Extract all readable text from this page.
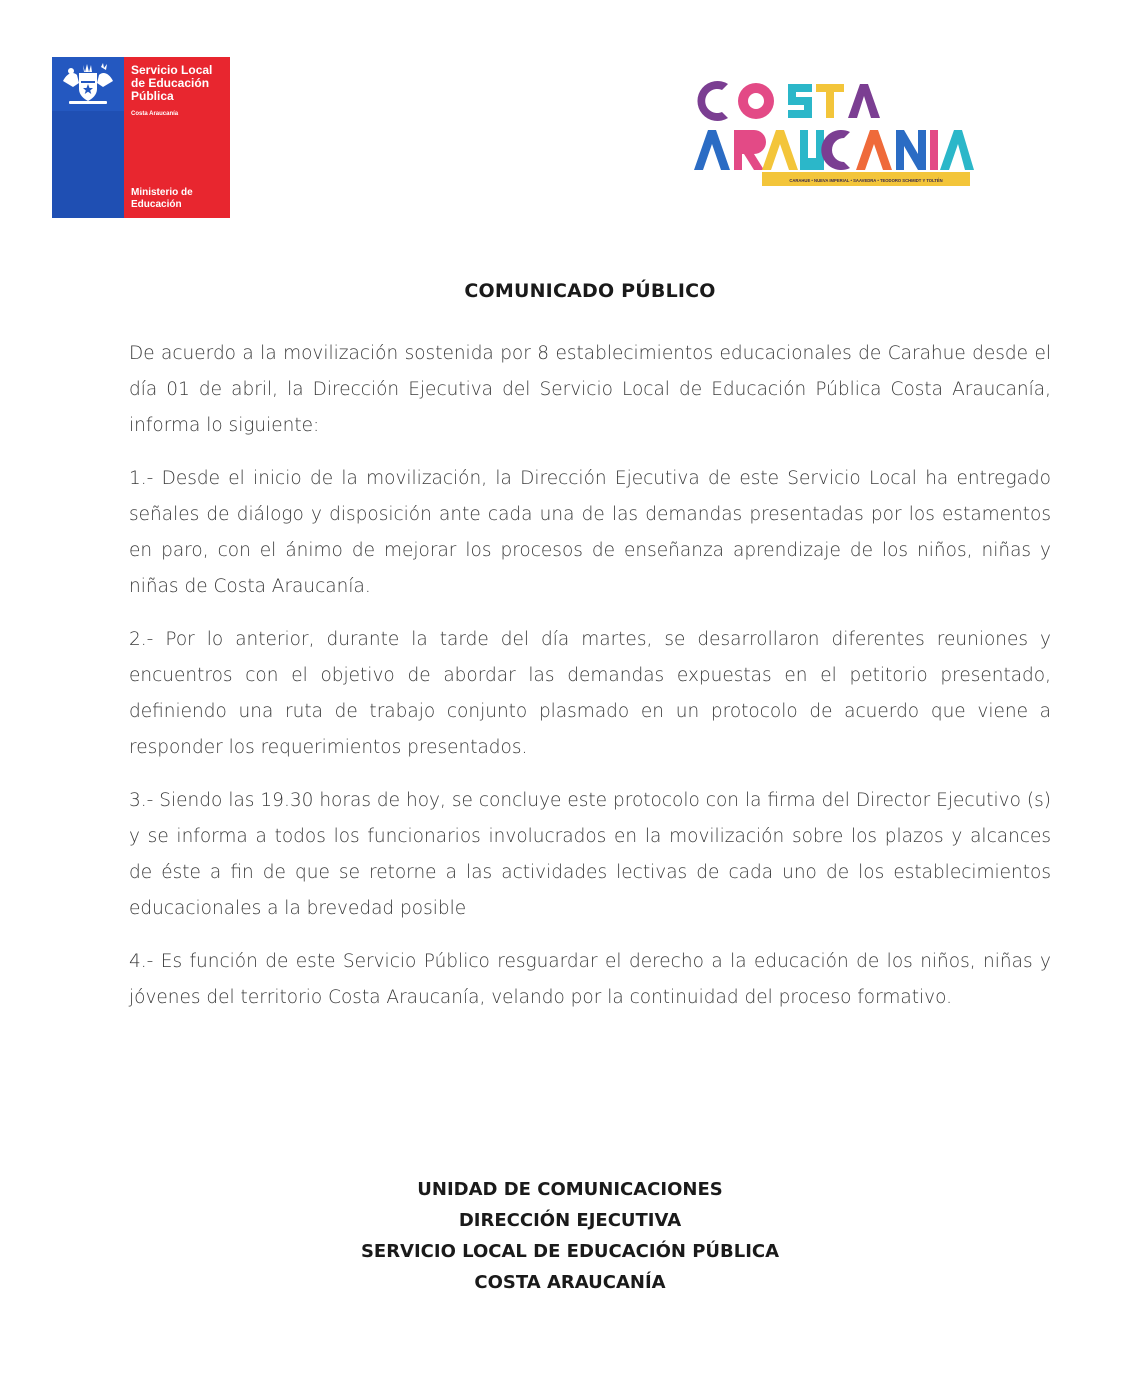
Servicio Local
de Educación
Pública
Costa Araucanía
Ministerio de
Educación
CARAHUE • NUEVA IMPERIAL • SAAVEDRA • TEODORO SCHMIDT Y TOLTÉN
COMUNICADO PÚBLICO

De acuerdo a la movilización sostenida por 8 establecimientos educacionales de Carahue desde el día 01 de abril, la Dirección Ejecutiva del Servicio Local de Educación Pública Costa Araucanía, informa lo siguiente:

1.- Desde el inicio de la movilización, la Dirección Ejecutiva de este Servicio Local ha entregado señales de diálogo y disposición ante cada una de las demandas presentadas por los estamentos en paro, con el ánimo de mejorar los procesos de enseñanza aprendizaje de los niños, niñas y niñas de Costa Araucanía.

2.- Por lo anterior, durante la tarde del día martes, se desarrollaron diferentes reuniones y encuentros con el objetivo de abordar las demandas expuestas en el petitorio presentado, definiendo una ruta de trabajo conjunto plasmado en un protocolo de acuerdo que viene a responder los requerimientos presentados.

3.- Siendo las 19.30 horas de hoy, se concluye este protocolo con la firma del Director Ejecutivo (s) y se informa a todos los funcionarios involucrados en la movilización sobre los plazos y alcances de éste a fin de que se retorne a las actividades lectivas de cada uno de los establecimientos educacionales a la brevedad posible

4.- Es función de este Servicio Público resguardar el derecho a la educación de los niños, niñas y jóvenes del territorio Costa Araucanía, velando por la continuidad del proceso formativo.

UNIDAD DE COMUNICACIONES
DIRECCIÓN EJECUTIVA
SERVICIO LOCAL DE EDUCACIÓN PÚBLICA
COSTA ARAUCANÍA
